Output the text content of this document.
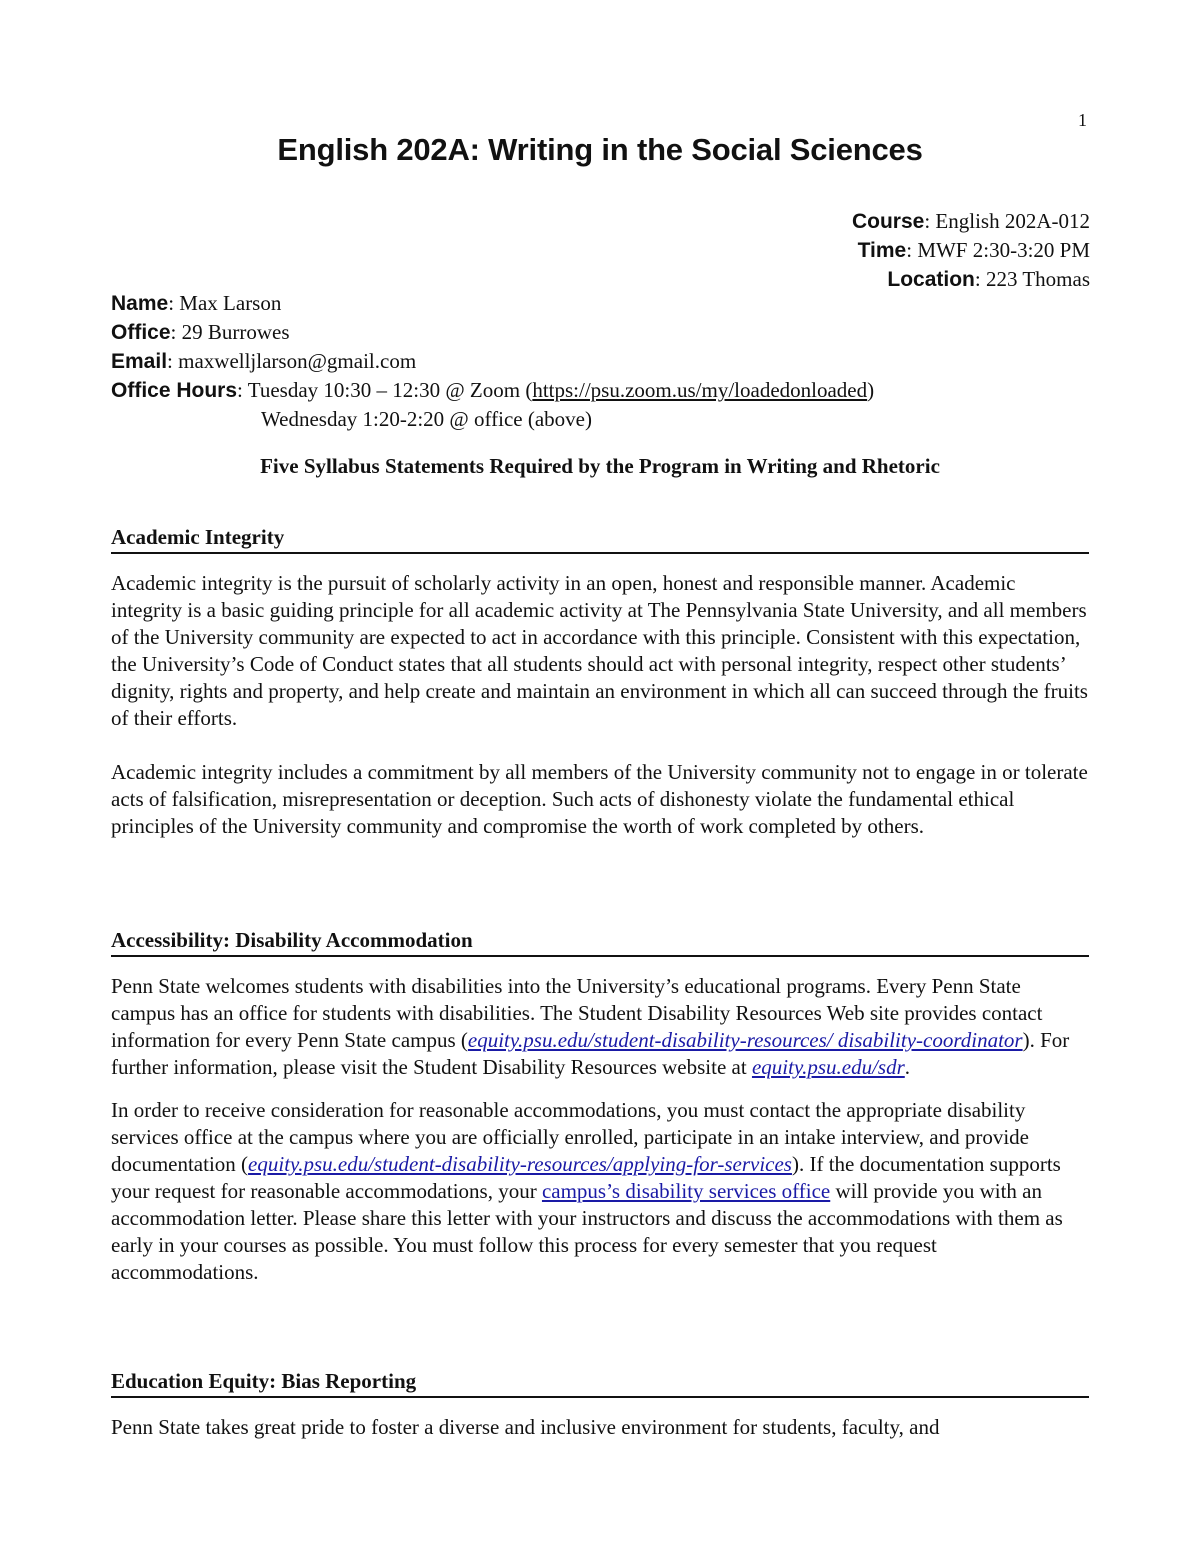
1
English 202A: Writing in the Social Sciences
Course: English 202A-012
Time: MWF 2:30-3:20 PM
Location: 223 Thomas
Name: Max Larson
Office: 29 Burrowes
Email: maxwelljlarson@gmail.com
Office Hours: Tuesday 10:30 – 12:30 @ Zoom (https://psu.zoom.us/my/loadedonloaded)
Wednesday 1:20-2:20 @ office (above)
Five Syllabus Statements Required by the Program in Writing and Rhetoric
Academic Integrity

Academic integrity is the pursuit of scholarly activity in an open, honest and responsible manner. Academic integrity is a basic guiding principle for all academic activity at The Pennsylvania State University, and all members of the University community are expected to act in accordance with this principle. Consistent with this expectation, the University’s Code of Conduct states that all students should act with personal integrity, respect other students’ dignity, rights and property, and help create and maintain an environment in which all can succeed through the fruits of their efforts.

Academic integrity includes a commitment by all members of the University community not to engage in or tolerate acts of falsification, misrepresentation or deception. Such acts of dishonesty violate the fundamental ethical principles of the University community and compromise the worth of work completed by others.

Accessibility: Disability Accommodation

Penn State welcomes students with disabilities into the University’s educational programs. Every Penn State campus has an office for students with disabilities. The Student Disability Resources Web site provides contact information for every Penn State campus (equity.psu.edu/student-disability-resources/ disability-coordinator). For further information, please visit the Student Disability Resources website at equity.psu.edu/sdr.

In order to receive consideration for reasonable accommodations, you must contact the appropriate disability services office at the campus where you are officially enrolled, participate in an intake interview, and provide documentation (equity.psu.edu/student-disability-resources/applying-for-services). If the documentation supports your request for reasonable accommodations, your campus’s disability services office will provide you with an accommodation letter. Please share this letter with your instructors and discuss the accommodations with them as early in your courses as possible. You must follow this process for every semester that you request accommodations.

Education Equity: Bias Reporting

Penn State takes great pride to foster a diverse and inclusive environment for students, faculty, and
